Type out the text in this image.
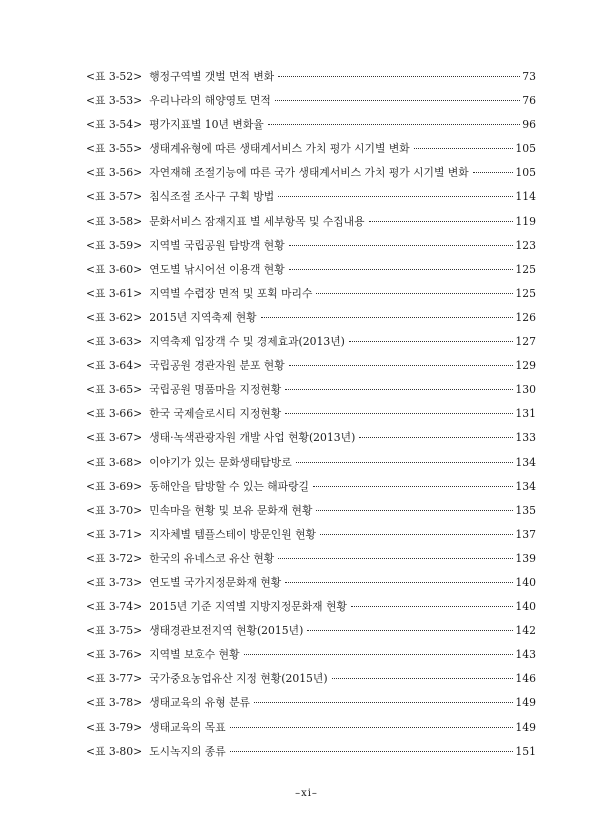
<표 3-52> 행정구역별 갯벌 면적 변화	73
<표 3-53> 우리나라의 해양영토 면적	76
<표 3-54> 평가지표별 10년 변화율	96
<표 3-55> 생태계유형에 따른 생태계서비스 가치 평가 시기별 변화	105
<표 3-56> 자연재해 조절기능에 따른 국가 생태계서비스 가치 평가 시기별 변화	105
<표 3-57> 침식조절 조사구 구획 방법	114
<표 3-58> 문화서비스 잠재지표 별 세부항목 및 수집내용	119
<표 3-59> 지역별 국립공원 탐방객 현황	123
<표 3-60> 연도별 낚시어선 이용객 현황	125
<표 3-61> 지역별 수렵장 면적 및 포획 마리수	125
<표 3-62> 2015년 지역축제 현황	126
<표 3-63> 지역축제 입장객 수 및 경제효과(2013년)	127
<표 3-64> 국립공원 경관자원 분포 현황	129
<표 3-65> 국립공원 명품마을 지정현황	130
<표 3-66> 한국 국제슬로시티 지정현황	131
<표 3-67> 생태·녹색관광자원 개발 사업 현황(2013년)	133
<표 3-68> 이야기가 있는 문화생태탐방로	134
<표 3-69> 동해안을 탐방할 수 있는 해파랑길	134
<표 3-70> 민속마을 현황 및 보유 문화재 현황	135
<표 3-71> 지자체별 템플스테이 방문인원 현황	137
<표 3-72> 한국의 유네스코 유산 현황	139
<표 3-73> 연도별 국가지정문화재 현황	140
<표 3-74> 2015년 기준 지역별 지방지정문화재 현황	140
<표 3-75> 생태경관보전지역 현황(2015년)	142
<표 3-76> 지역별 보호수 현황	143
<표 3-77> 국가중요농업유산 지정 현황(2015년)	146
<표 3-78> 생태교육의 유형 분류	149
<표 3-79> 생태교육의 목표	149
<표 3-80> 도시녹지의 종류	151
–xi–
